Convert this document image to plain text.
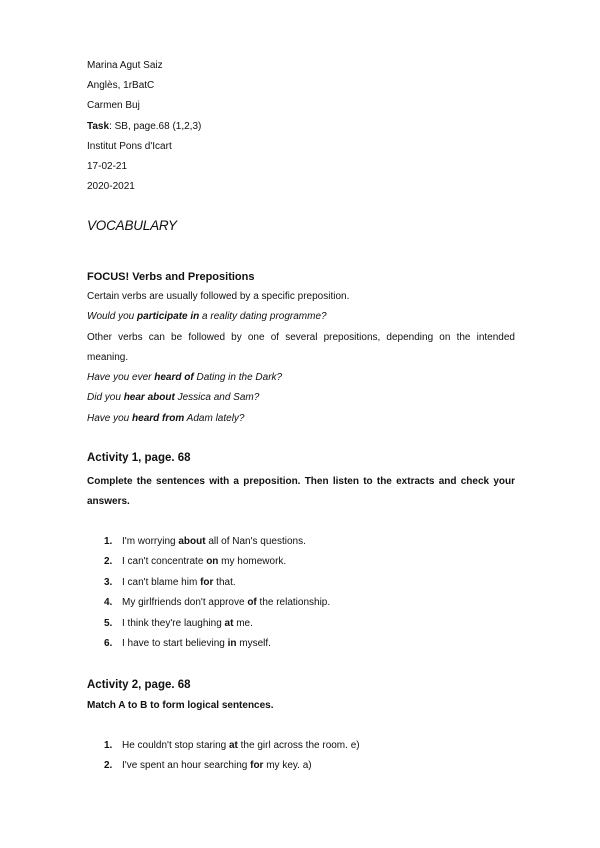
Marina Agut Saiz
Anglès, 1rBatC
Carmen Buj
Task: SB, page.68 (1,2,3)
Institut Pons d'Icart
17-02-21
2020-2021
VOCABULARY
FOCUS! Verbs and Prepositions

Certain verbs are usually followed by a specific preposition.

Would you participate in a reality dating programme?

Other verbs can be followed by one of several prepositions, depending on the intended meaning.

Have you ever heard of Dating in the Dark?

Did you hear about Jessica and Sam?

Have you heard from Adam lately?

Activity 1, page. 68
Complete the sentences with a preposition. Then listen to the extracts and check your answers.
1. I'm worrying about all of Nan's questions.
2. I can't concentrate on my homework.
3. I can't blame him for that.
4. My girlfriends don't approve of the relationship.
5. I think they're laughing at me.
6. I have to start believing in myself.
Activity 2, page. 68
Match A to B to form logical sentences.
1. He couldn't stop staring at the girl across the room. e)
2. I've spent an hour searching for my key. a)
